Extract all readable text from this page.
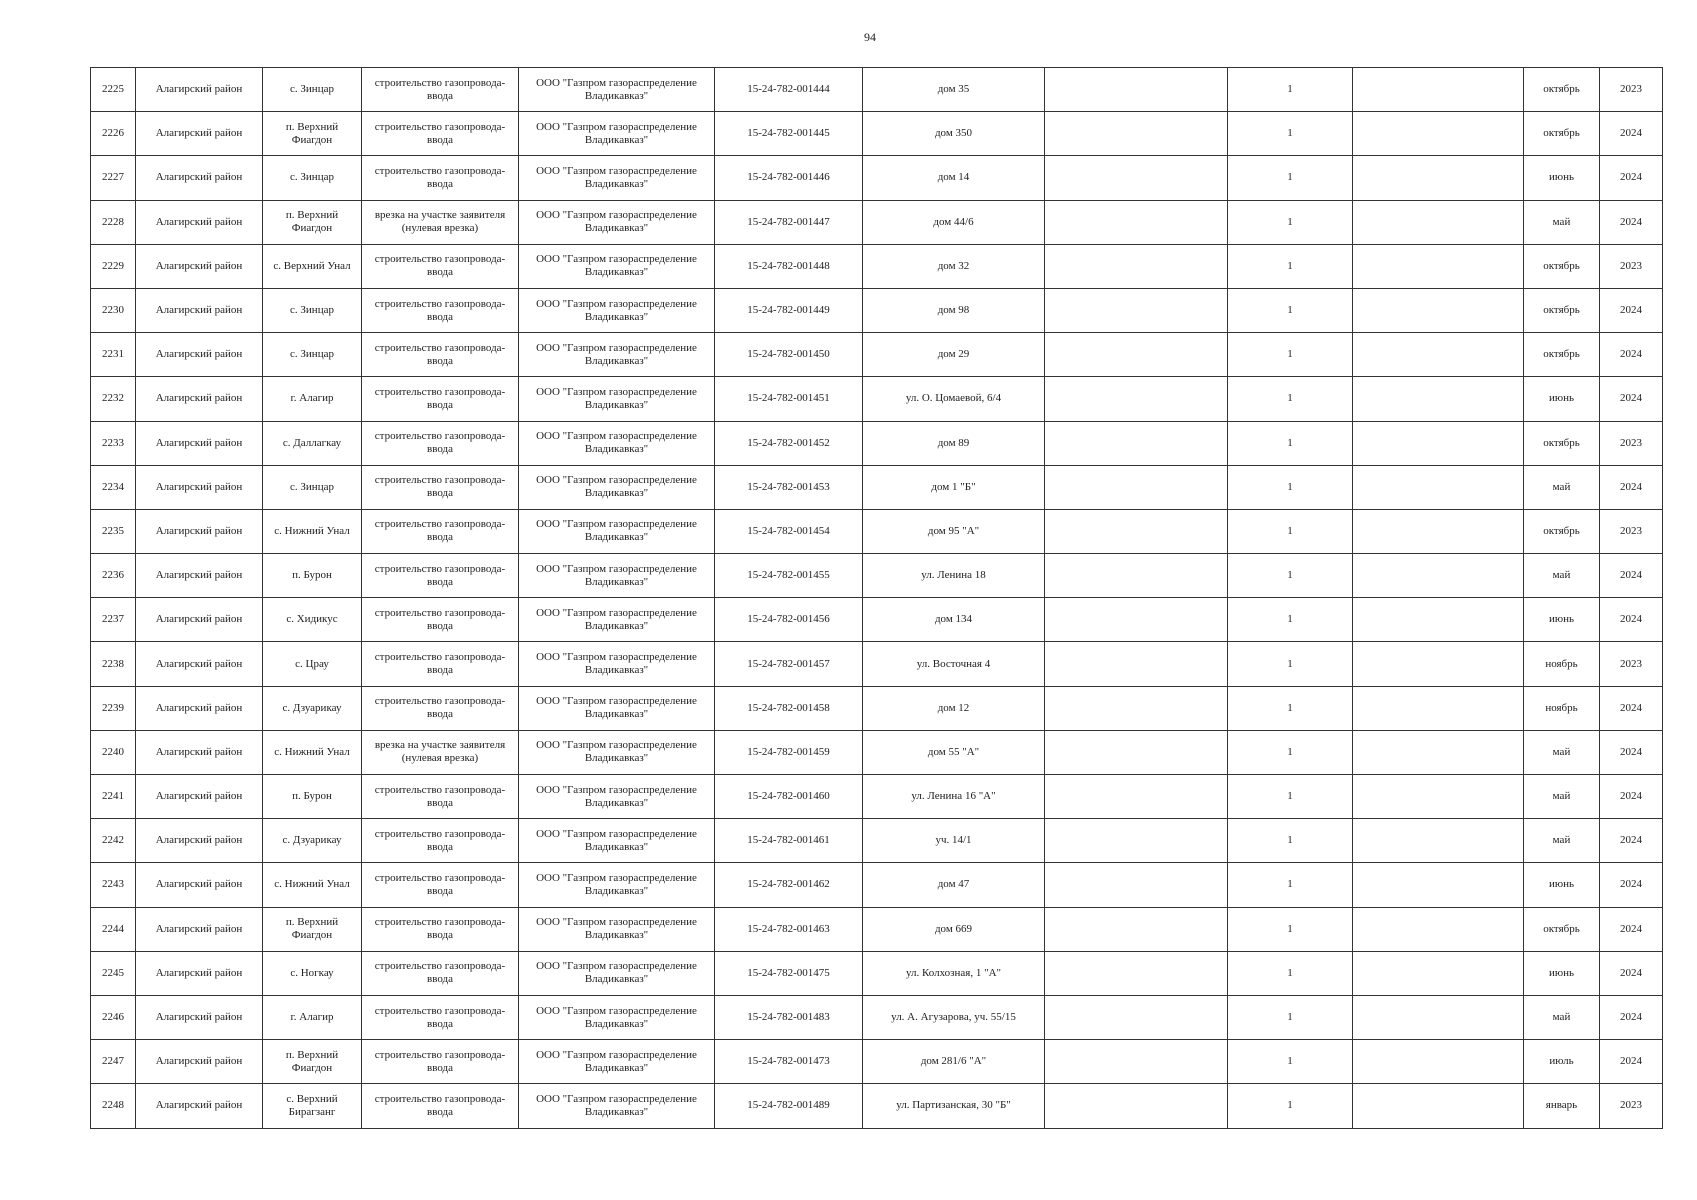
94
2225	Алагирский район	с. Зинцар	строительство газопровода-ввода	ООО "Газпром газораспределение Владикавказ"	15-24-782-001444	дом 35		1		октябрь	2023
2226	Алагирский район	п. Верхний Фиагдон	строительство газопровода-ввода	ООО "Газпром газораспределение Владикавказ"	15-24-782-001445	дом 350		1		октябрь	2024
2227	Алагирский район	с. Зинцар	строительство газопровода-ввода	ООО "Газпром газораспределение Владикавказ"	15-24-782-001446	дом 14		1		июнь	2024
2228	Алагирский район	п. Верхний Фиагдон	врезка на участке заявителя (нулевая врезка)	ООО "Газпром газораспределение Владикавказ"	15-24-782-001447	дом 44/6		1		май	2024
2229	Алагирский район	с. Верхний Унал	строительство газопровода-ввода	ООО "Газпром газораспределение Владикавказ"	15-24-782-001448	дом 32		1		октябрь	2023
2230	Алагирский район	с. Зинцар	строительство газопровода-ввода	ООО "Газпром газораспределение Владикавказ"	15-24-782-001449	дом 98		1		октябрь	2024
2231	Алагирский район	с. Зинцар	строительство газопровода-ввода	ООО "Газпром газораспределение Владикавказ"	15-24-782-001450	дом 29		1		октябрь	2024
2232	Алагирский район	г. Алагир	строительство газопровода-ввода	ООО "Газпром газораспределение Владикавказ"	15-24-782-001451	ул. О. Цомаевой, 6/4		1		июнь	2024
2233	Алагирский район	с. Даллагкау	строительство газопровода-ввода	ООО "Газпром газораспределение Владикавказ"	15-24-782-001452	дом 89		1		октябрь	2023
2234	Алагирский район	с. Зинцар	строительство газопровода-ввода	ООО "Газпром газораспределение Владикавказ"	15-24-782-001453	дом 1 "Б"		1		май	2024
2235	Алагирский район	с. Нижний Унал	строительство газопровода-ввода	ООО "Газпром газораспределение Владикавказ"	15-24-782-001454	дом 95 "А"		1		октябрь	2023
2236	Алагирский район	п. Бурон	строительство газопровода-ввода	ООО "Газпром газораспределение Владикавказ"	15-24-782-001455	ул. Ленина 18		1		май	2024
2237	Алагирский район	с. Хидикус	строительство газопровода-ввода	ООО "Газпром газораспределение Владикавказ"	15-24-782-001456	дом 134		1		июнь	2024
2238	Алагирский район	с. Црау	строительство газопровода-ввода	ООО "Газпром газораспределение Владикавказ"	15-24-782-001457	ул. Восточная 4		1		ноябрь	2023
2239	Алагирский район	с. Дзуарикау	строительство газопровода-ввода	ООО "Газпром газораспределение Владикавказ"	15-24-782-001458	дом 12		1		ноябрь	2024
2240	Алагирский район	с. Нижний Унал	врезка на участке заявителя (нулевая врезка)	ООО "Газпром газораспределение Владикавказ"	15-24-782-001459	дом 55 "А"		1		май	2024
2241	Алагирский район	п. Бурон	строительство газопровода-ввода	ООО "Газпром газораспределение Владикавказ"	15-24-782-001460	ул. Ленина 16 "А"		1		май	2024
2242	Алагирский район	с. Дзуарикау	строительство газопровода-ввода	ООО "Газпром газораспределение Владикавказ"	15-24-782-001461	уч. 14/1		1		май	2024
2243	Алагирский район	с. Нижний Унал	строительство газопровода-ввода	ООО "Газпром газораспределение Владикавказ"	15-24-782-001462	дом 47		1		июнь	2024
2244	Алагирский район	п. Верхний Фиагдон	строительство газопровода-ввода	ООО "Газпром газораспределение Владикавказ"	15-24-782-001463	дом 669		1		октябрь	2024
2245	Алагирский район	с. Ногкау	строительство газопровода-ввода	ООО "Газпром газораспределение Владикавказ"	15-24-782-001475	ул. Колхозная, 1 "А"		1		июнь	2024
2246	Алагирский район	г. Алагир	строительство газопровода-ввода	ООО "Газпром газораспределение Владикавказ"	15-24-782-001483	ул. А. Агузарова, уч. 55/15		1		май	2024
2247	Алагирский район	п. Верхний Фиагдон	строительство газопровода-ввода	ООО "Газпром газораспределение Владикавказ"	15-24-782-001473	дом 281/6 "А"		1		июль	2024
2248	Алагирский район	с. Верхний Бирагзанг	строительство газопровода-ввода	ООО "Газпром газораспределение Владикавказ"	15-24-782-001489	ул. Партизанская, 30 "Б"		1		январь	2023
